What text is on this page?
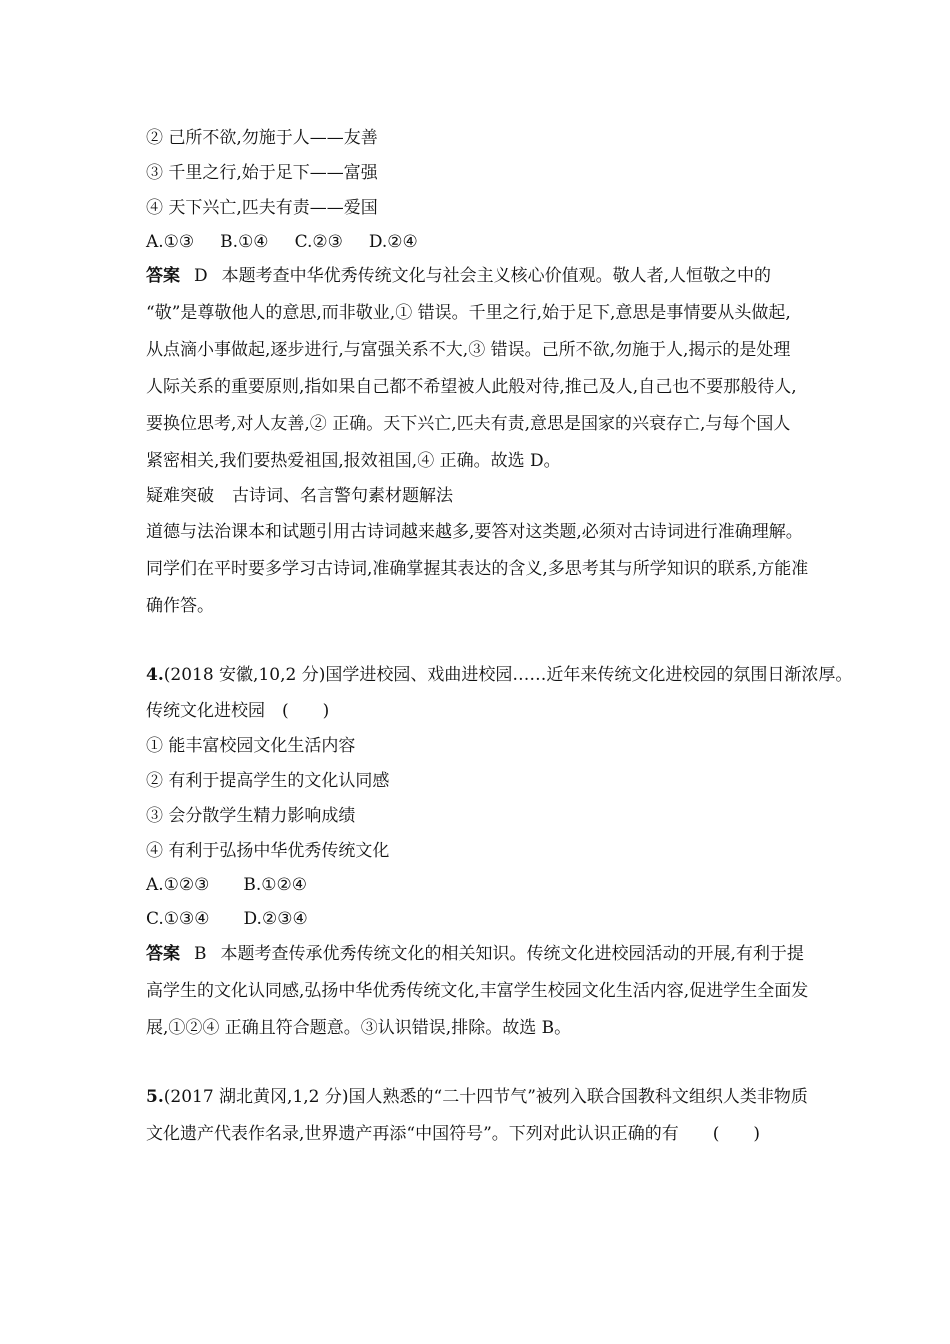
② 己所不欲,勿施于人——友善
③ 千里之行,始于足下——富强
④ 天下兴亡,匹夫有责——爱国
A.①③ B.①④ C.②③ D.②④
答案 D 本题考查中华优秀传统文化与社会主义核心价值观。敬人者,人恒敬之中的
“敬”是尊敬他人的意思,而非敬业,① 错误。千里之行,始于足下,意思是事情要从头做起,
从点滴小事做起,逐步进行,与富强关系不大,③ 错误。己所不欲,勿施于人,揭示的是处理
人际关系的重要原则,指如果自己都不希望被人此般对待,推己及人,自己也不要那般待人,
要换位思考,对人友善,② 正确。天下兴亡,匹夫有责,意思是国家的兴衰存亡,与每个国人
紧密相关,我们要热爱祖国,报效祖国,④ 正确。故选 D。
疑难突破 古诗词、名言警句素材题解法
道德与法治课本和试题引用古诗词越来越多,要答对这类题,必须对古诗词进行准确理解。
同学们在平时要多学习古诗词,准确掌握其表达的含义,多思考其与所学知识的联系,方能准
确作答。
4.(2018 安徽,10,2 分)国学进校园、戏曲进校园……近年来传统文化进校园的氛围日渐浓厚。
传统文化进校园　(　　)
① 能丰富校园文化生活内容
② 有利于提高学生的文化认同感
③ 会分散学生精力影响成绩
④ 有利于弘扬中华优秀传统文化
A.①②③ B.①②④
C.①③④ D.②③④
答案 B 本题考查传承优秀传统文化的相关知识。传统文化进校园活动的开展,有利于提
高学生的文化认同感,弘扬中华优秀传统文化,丰富学生校园文化生活内容,促进学生全面发
展,①②④ 正确且符合题意。③认识错误,排除。故选 B。
5.(2017 湖北黄冈,1,2 分)国人熟悉的“二十四节气”被列入联合国教科文组织人类非物质
文化遗产代表作名录,世界遗产再添“中国符号”。下列对此认识正确的有　　(　　)
